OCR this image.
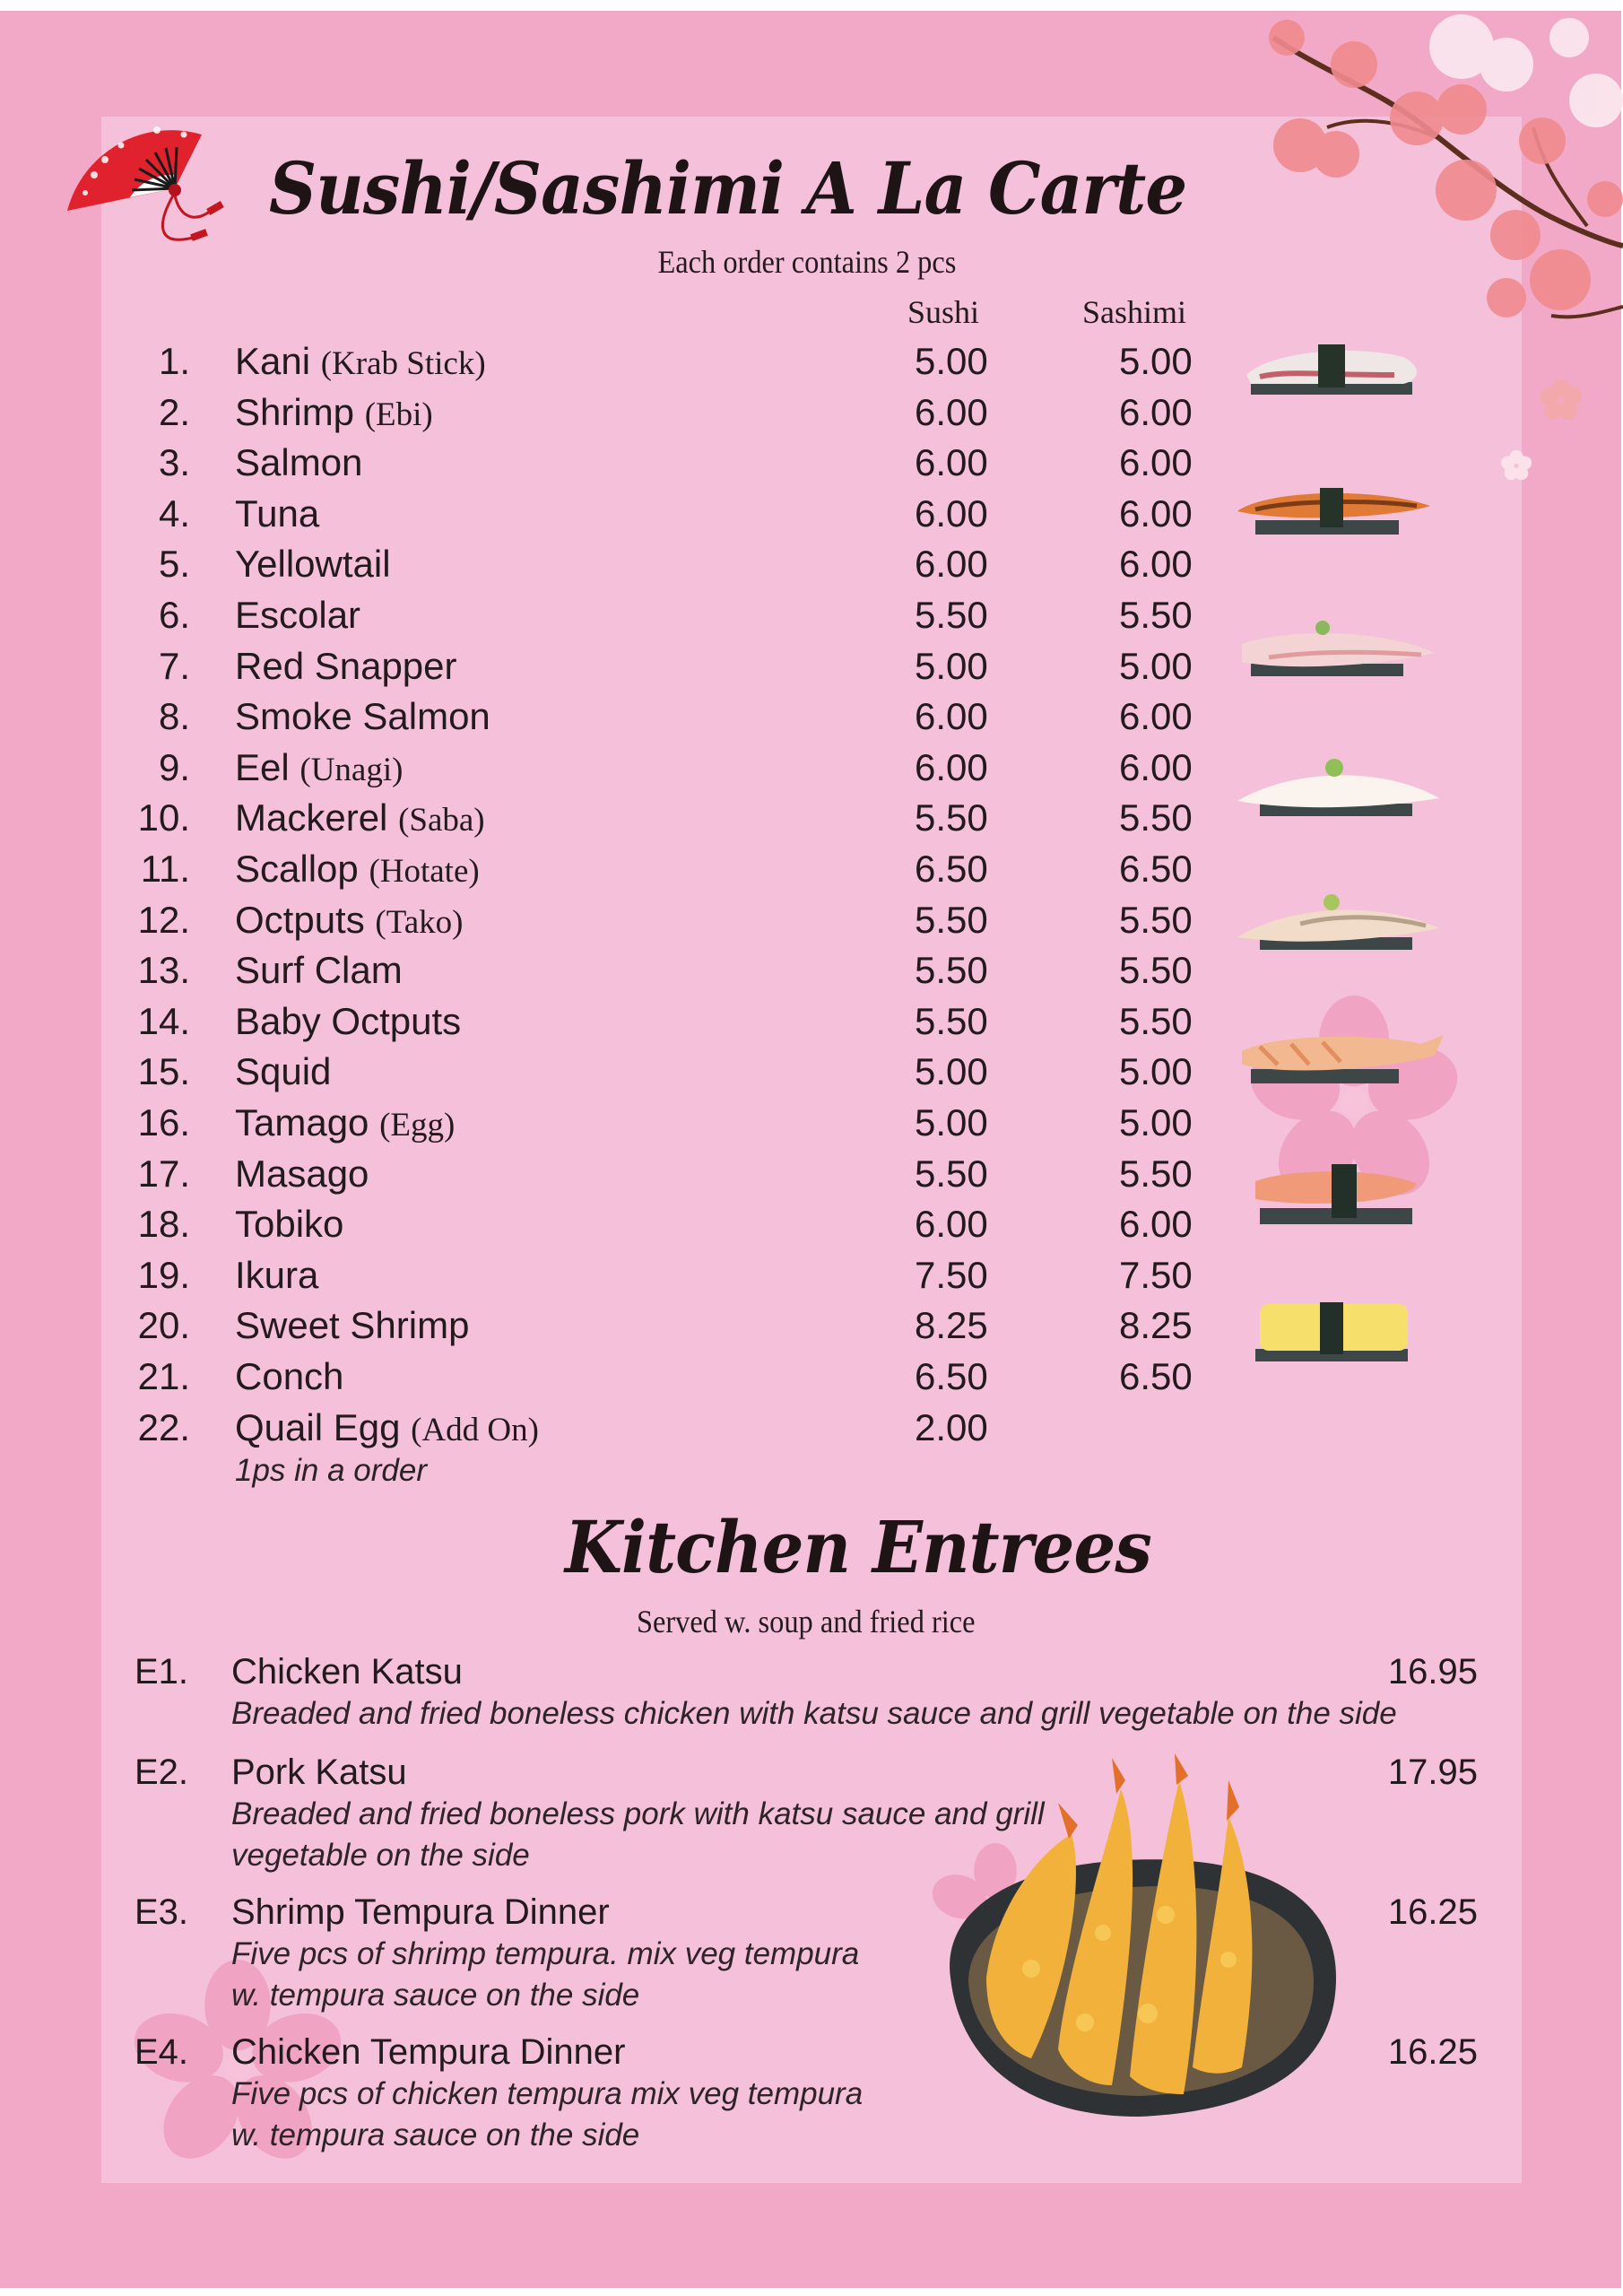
Sushi/Sashimi A La Carte
Each order contains 2 pcs
Sushi	Sashimi
1. Kani (Krab Stick)	5.00	5.00
2. Shrimp (Ebi)	6.00	6.00
3. Salmon	6.00	6.00
4. Tuna	6.00	6.00
5. Yellowtail	6.00	6.00
6. Escolar	5.50	5.50
7. Red Snapper	5.00	5.00
8. Smoke Salmon	6.00	6.00
9. Eel (Unagi)	6.00	6.00
10. Mackerel (Saba)	5.50	5.50
11. Scallop (Hotate)	6.50	6.50
12. Octputs (Tako)	5.50	5.50
13. Surf Clam	5.50	5.50
14. Baby Octputs	5.50	5.50
15. Squid	5.00	5.00
16. Tamago (Egg)	5.00	5.00
17. Masago	5.50	5.50
18. Tobiko	6.00	6.00
19. Ikura	7.50	7.50
20. Sweet Shrimp	8.25	8.25
21. Conch	6.50	6.50
22. Quail Egg (Add On)	2.00
1ps in a order
Kitchen Entrees
Served w. soup and fried rice
E1. Chicken Katsu	16.95
Breaded and fried boneless chicken with katsu sauce and grill vegetable on the side
E2. Pork Katsu	17.95
Breaded and fried boneless pork with katsu sauce and grill
vegetable on the side
E3. Shrimp Tempura Dinner	16.25
Five pcs of shrimp tempura. mix veg tempura
w. tempura sauce on the side
E4. Chicken Tempura Dinner	16.25
Five pcs of chicken tempura mix veg tempura
w. tempura sauce on the side
